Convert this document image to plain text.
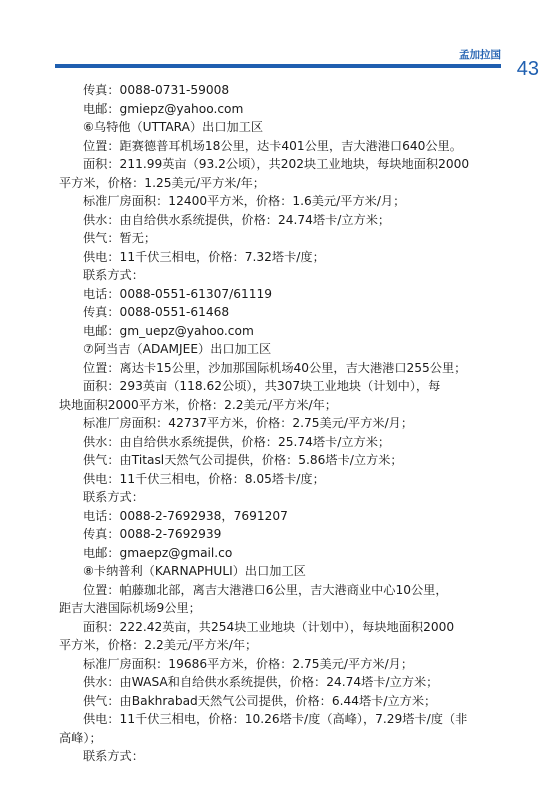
孟加拉国
43
传真：0088-0731-59008
电邮：gmiepz@yahoo.com
⑥乌特他（UTTARA）出口加工区
位置：距赛德普耳机场18公里，达卡401公里，吉大港港口640公里。
面积：211.99英亩（93.2公顷），共202块工业地块，每块地面积2000
平方米，价格：1.25美元/平方米/年；
标准厂房面积：12400平方米，价格：1.6美元/平方米/月；
供水：由自给供水系统提供，价格：24.74塔卡/立方米；
供气：暂无；
供电：11千伏三相电，价格：7.32塔卡/度；
联系方式：
电话：0088-0551-61307/61119
传真：0088-0551-61468
电邮：gm_uepz@yahoo.com
⑦阿当吉（ADAMJEE）出口加工区
位置：离达卡15公里，沙加那国际机场40公里，吉大港港口255公里；
面积：293英亩（118.62公顷），共307块工业地块（计划中），每
块地面积2000平方米，价格：2.2美元/平方米/年；
标准厂房面积：42737平方米，价格：2.75美元/平方米/月；
供水：由自给供水系统提供，价格：25.74塔卡/立方米；
供气：由Titasl天然气公司提供，价格：5.86塔卡/立方米；
供电：11千伏三相电，价格：8.05塔卡/度；
联系方式：
电话：0088-2-7692938，7691207
传真：0088-2-7692939
电邮：gmaepz@gmail.co
⑧卡纳普利（KARNAPHULI）出口加工区
位置：帕藤珈北部，离吉大港港口6公里，吉大港商业中心10公里，
距吉大港国际机场9公里；
面积：222.42英亩，共254块工业地块（计划中），每块地面积2000
平方米，价格：2.2美元/平方米/年；
标准厂房面积：19686平方米，价格：2.75美元/平方米/月；
供水：由WASA和自给供水系统提供，价格：24.74塔卡/立方米；
供气：由Bakhrabad天然气公司提供，价格：6.44塔卡/立方米；
供电：11千伏三相电，价格：10.26塔卡/度（高峰），7.29塔卡/度（非
高峰）；
联系方式：
